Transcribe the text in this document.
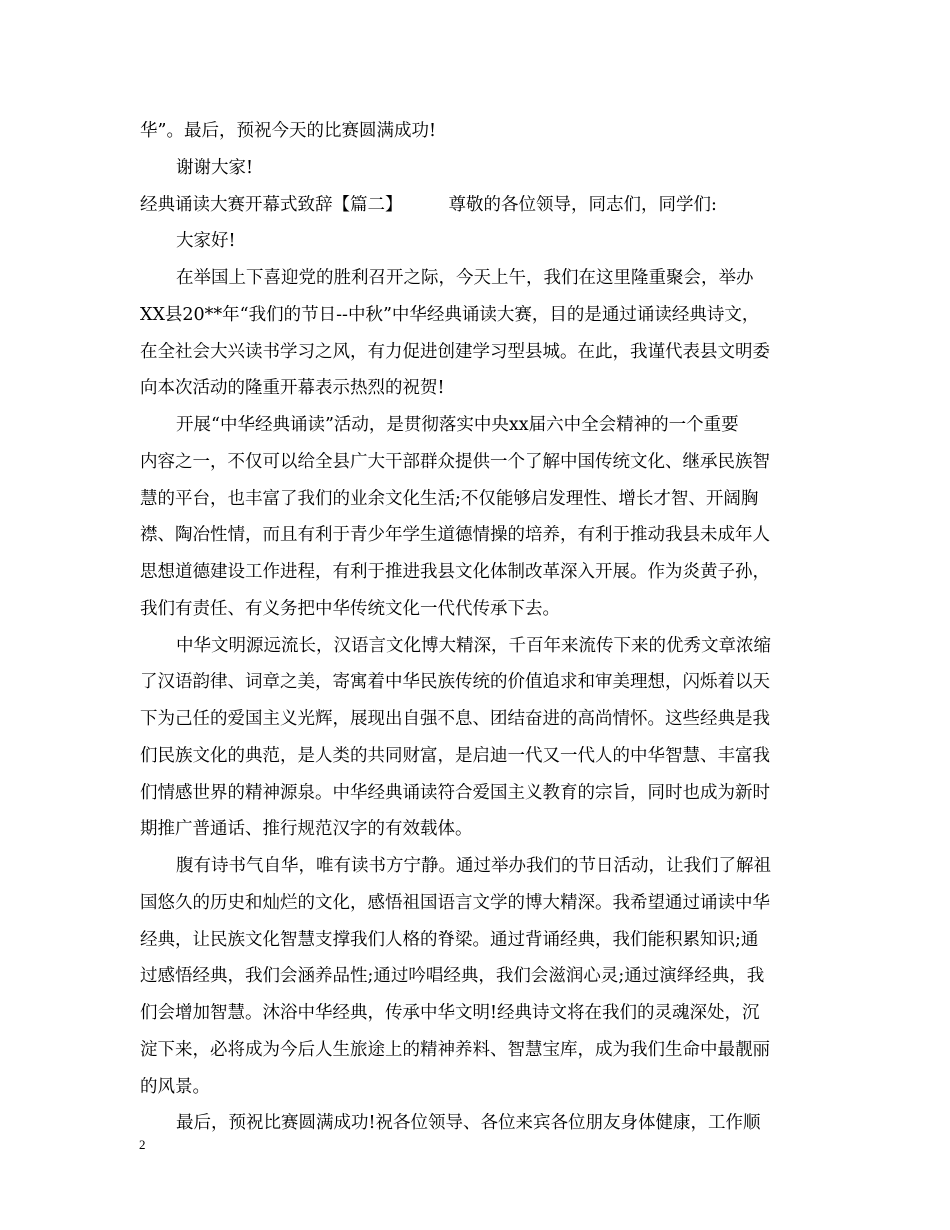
华”。最后，预祝今天的比赛圆满成功!
谢谢大家!
经典诵读大赛开幕式致辞【篇二】	尊敬的各位领导，同志们，同学们:
大家好!
在举国上下喜迎党的胜利召开之际，今天上午，我们在这里隆重聚会，举办
XX县20**年“我们的节日--中秋”中华经典诵读大赛，目的是通过诵读经典诗文，
在全社会大兴读书学习之风，有力促进创建学习型县城。在此，我谨代表县文明委
向本次活动的隆重开幕表示热烈的祝贺!
开展“中华经典诵读”活动，是贯彻落实中央xx届六中全会精神的一个重要
内容之一，不仅可以给全县广大干部群众提供一个了解中国传统文化、继承民族智
慧的平台，也丰富了我们的业余文化生活;不仅能够启发理性、增长才智、开阔胸
襟、陶冶性情，而且有利于青少年学生道德情操的培养，有利于推动我县未成年人
思想道德建设工作进程，有利于推进我县文化体制改革深入开展。作为炎黄子孙，
我们有责任、有义务把中华传统文化一代代传承下去。
中华文明源远流长，汉语言文化博大精深，千百年来流传下来的优秀文章浓缩
了汉语韵律、词章之美，寄寓着中华民族传统的价值追求和审美理想，闪烁着以天
下为己任的爱国主义光辉，展现出自强不息、团结奋进的高尚情怀。这些经典是我
们民族文化的典范，是人类的共同财富，是启迪一代又一代人的中华智慧、丰富我
们情感世界的精神源泉。中华经典诵读符合爱国主义教育的宗旨，同时也成为新时
期推广普通话、推行规范汉字的有效载体。
腹有诗书气自华，唯有读书方宁静。通过举办我们的节日活动，让我们了解祖
国悠久的历史和灿烂的文化，感悟祖国语言文学的博大精深。我希望通过诵读中华
经典，让民族文化智慧支撑我们人格的脊梁。通过背诵经典，我们能积累知识;通
过感悟经典，我们会涵养品性;通过吟唱经典，我们会滋润心灵;通过演绎经典，我
们会增加智慧。沐浴中华经典，传承中华文明!经典诗文将在我们的灵魂深处，沉
淀下来，必将成为今后人生旅途上的精神养料、智慧宝库，成为我们生命中最靓丽
的风景。
最后，预祝比赛圆满成功!祝各位领导、各位来宾各位朋友身体健康，工作顺
2
